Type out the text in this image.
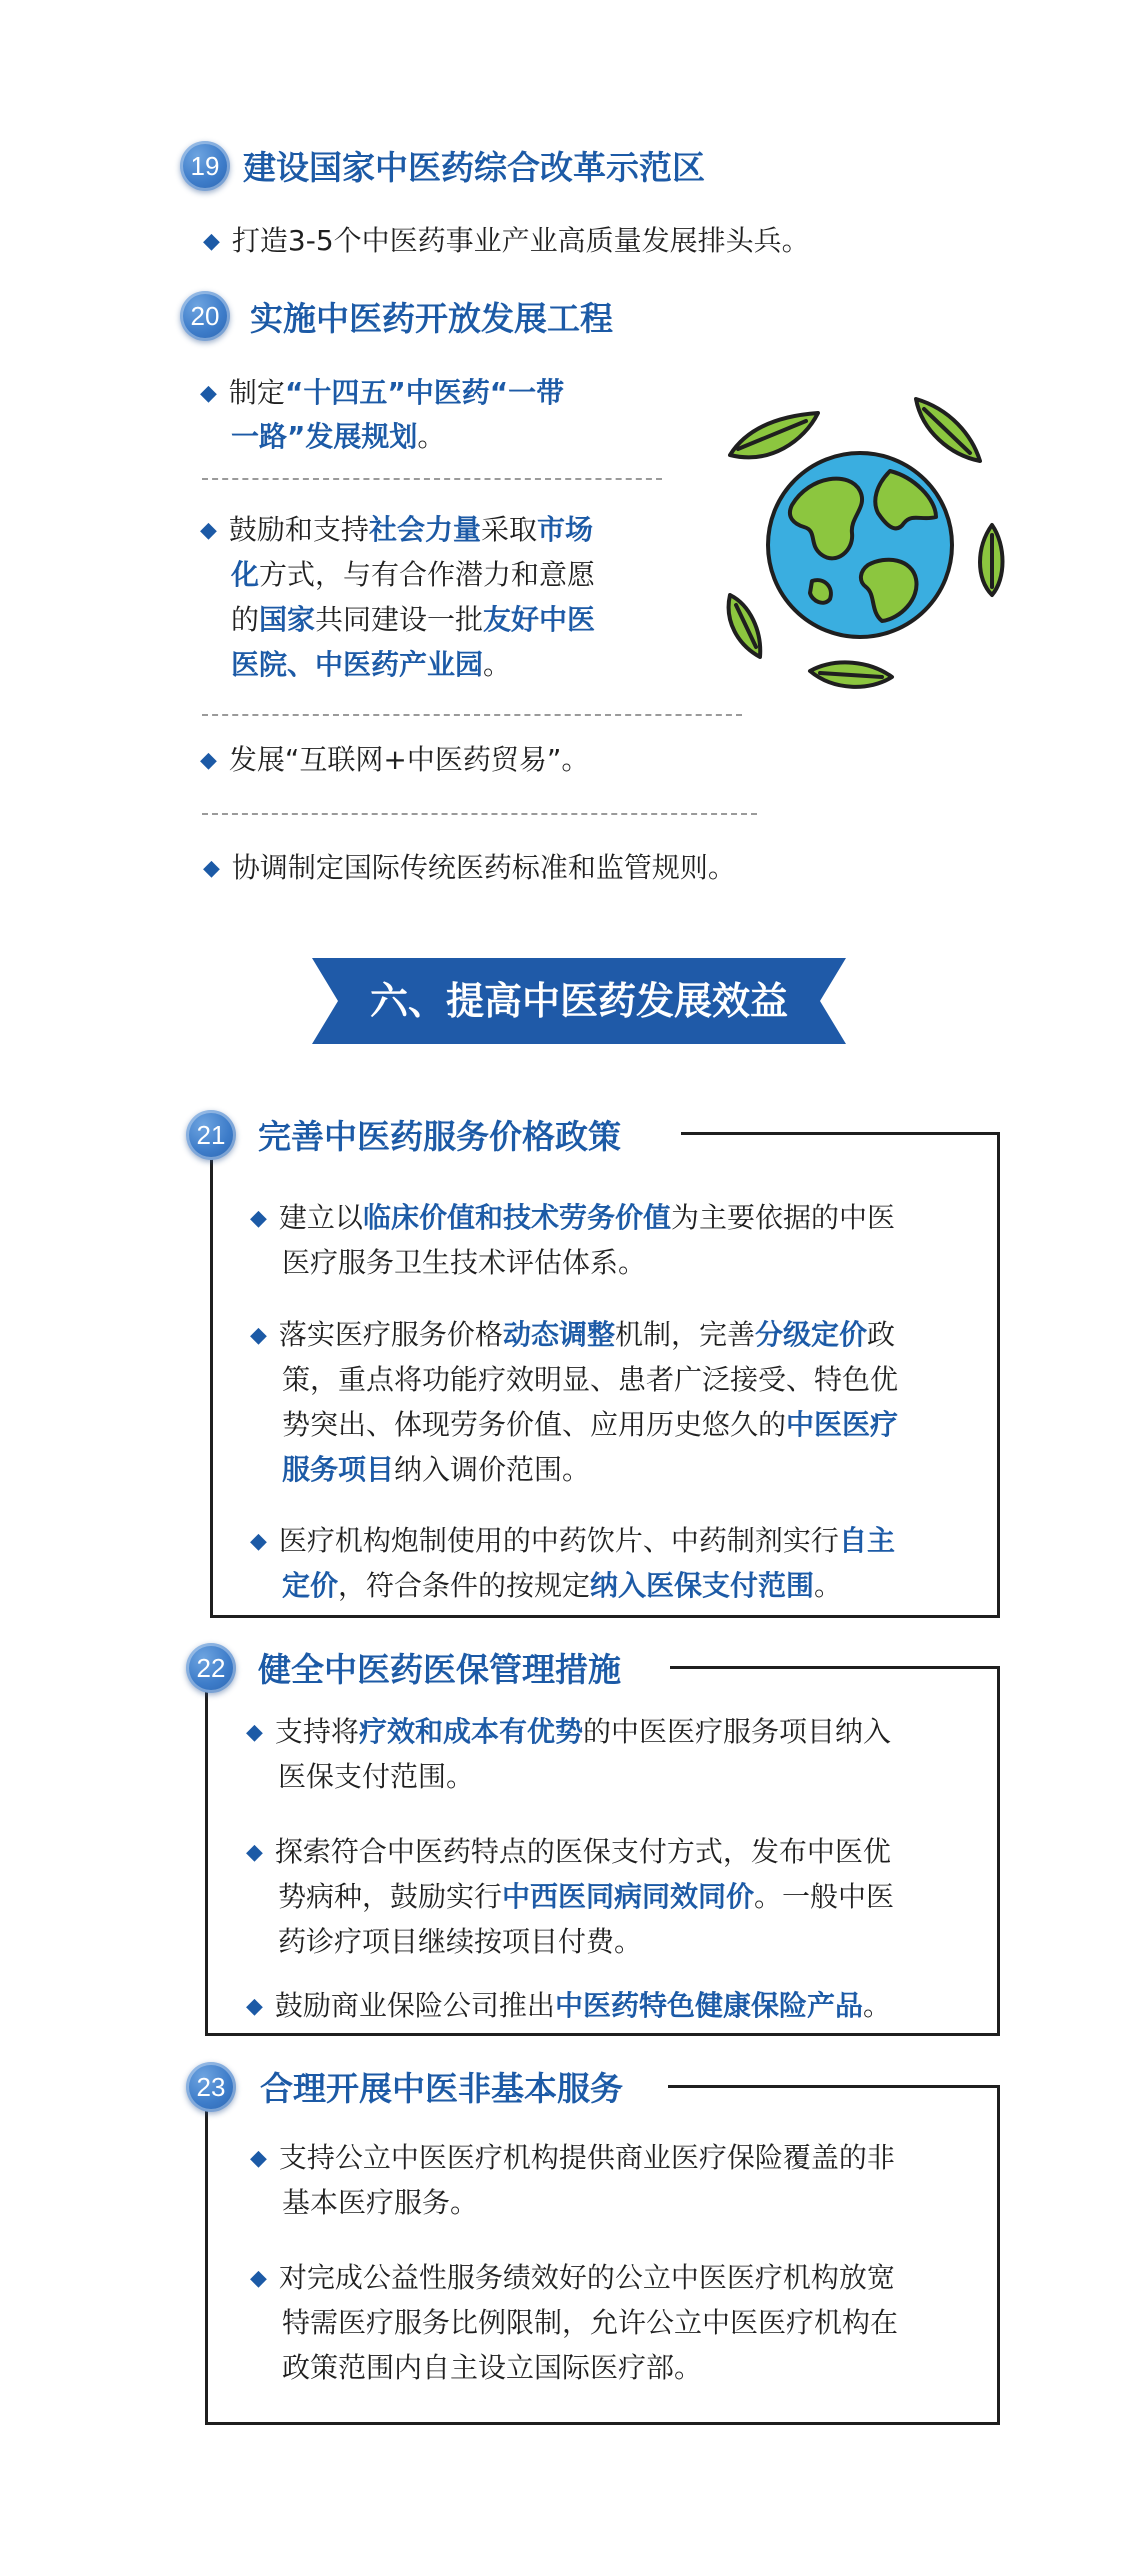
19 建设国家中医药综合改革示范区
◆ 打造3-5个中医药事业产业高质量发展排头兵。
20 实施中医药开放发展工程
◆ 制定“十四五”中医药“一带
一路”发展规划。
◆ 鼓励和支持社会力量采取市场
化方式，与有合作潜力和意愿
的国家共同建设一批友好中医
医院、中医药产业园。
◆ 发展“互联网+中医药贸易”。
◆ 协调制定国际传统医药标准和监管规则。
六、提高中医药发展效益
21 完善中医药服务价格政策
◆ 建立以临床价值和技术劳务价值为主要依据的中医
医疗服务卫生技术评估体系。
◆ 落实医疗服务价格动态调整机制，完善分级定价政
策，重点将功能疗效明显、患者广泛接受、特色优
势突出、体现劳务价值、应用历史悠久的中医医疗
服务项目纳入调价范围。
◆ 医疗机构炮制使用的中药饮片、中药制剂实行自主
定价，符合条件的按规定纳入医保支付范围。
22 健全中医药医保管理措施
◆ 支持将疗效和成本有优势的中医医疗服务项目纳入
医保支付范围。
◆ 探索符合中医药特点的医保支付方式，发布中医优
势病种，鼓励实行中西医同病同效同价。一般中医
药诊疗项目继续按项目付费。
◆ 鼓励商业保险公司推出中医药特色健康保险产品。
23	合理开展中医非基本服务
◆ 支持公立中医医疗机构提供商业医疗保险覆盖的非
基本医疗服务。
◆ 对完成公益性服务绩效好的公立中医医疗机构放宽
特需医疗服务比例限制，允许公立中医医疗机构在
政策范围内自主设立国际医疗部。
